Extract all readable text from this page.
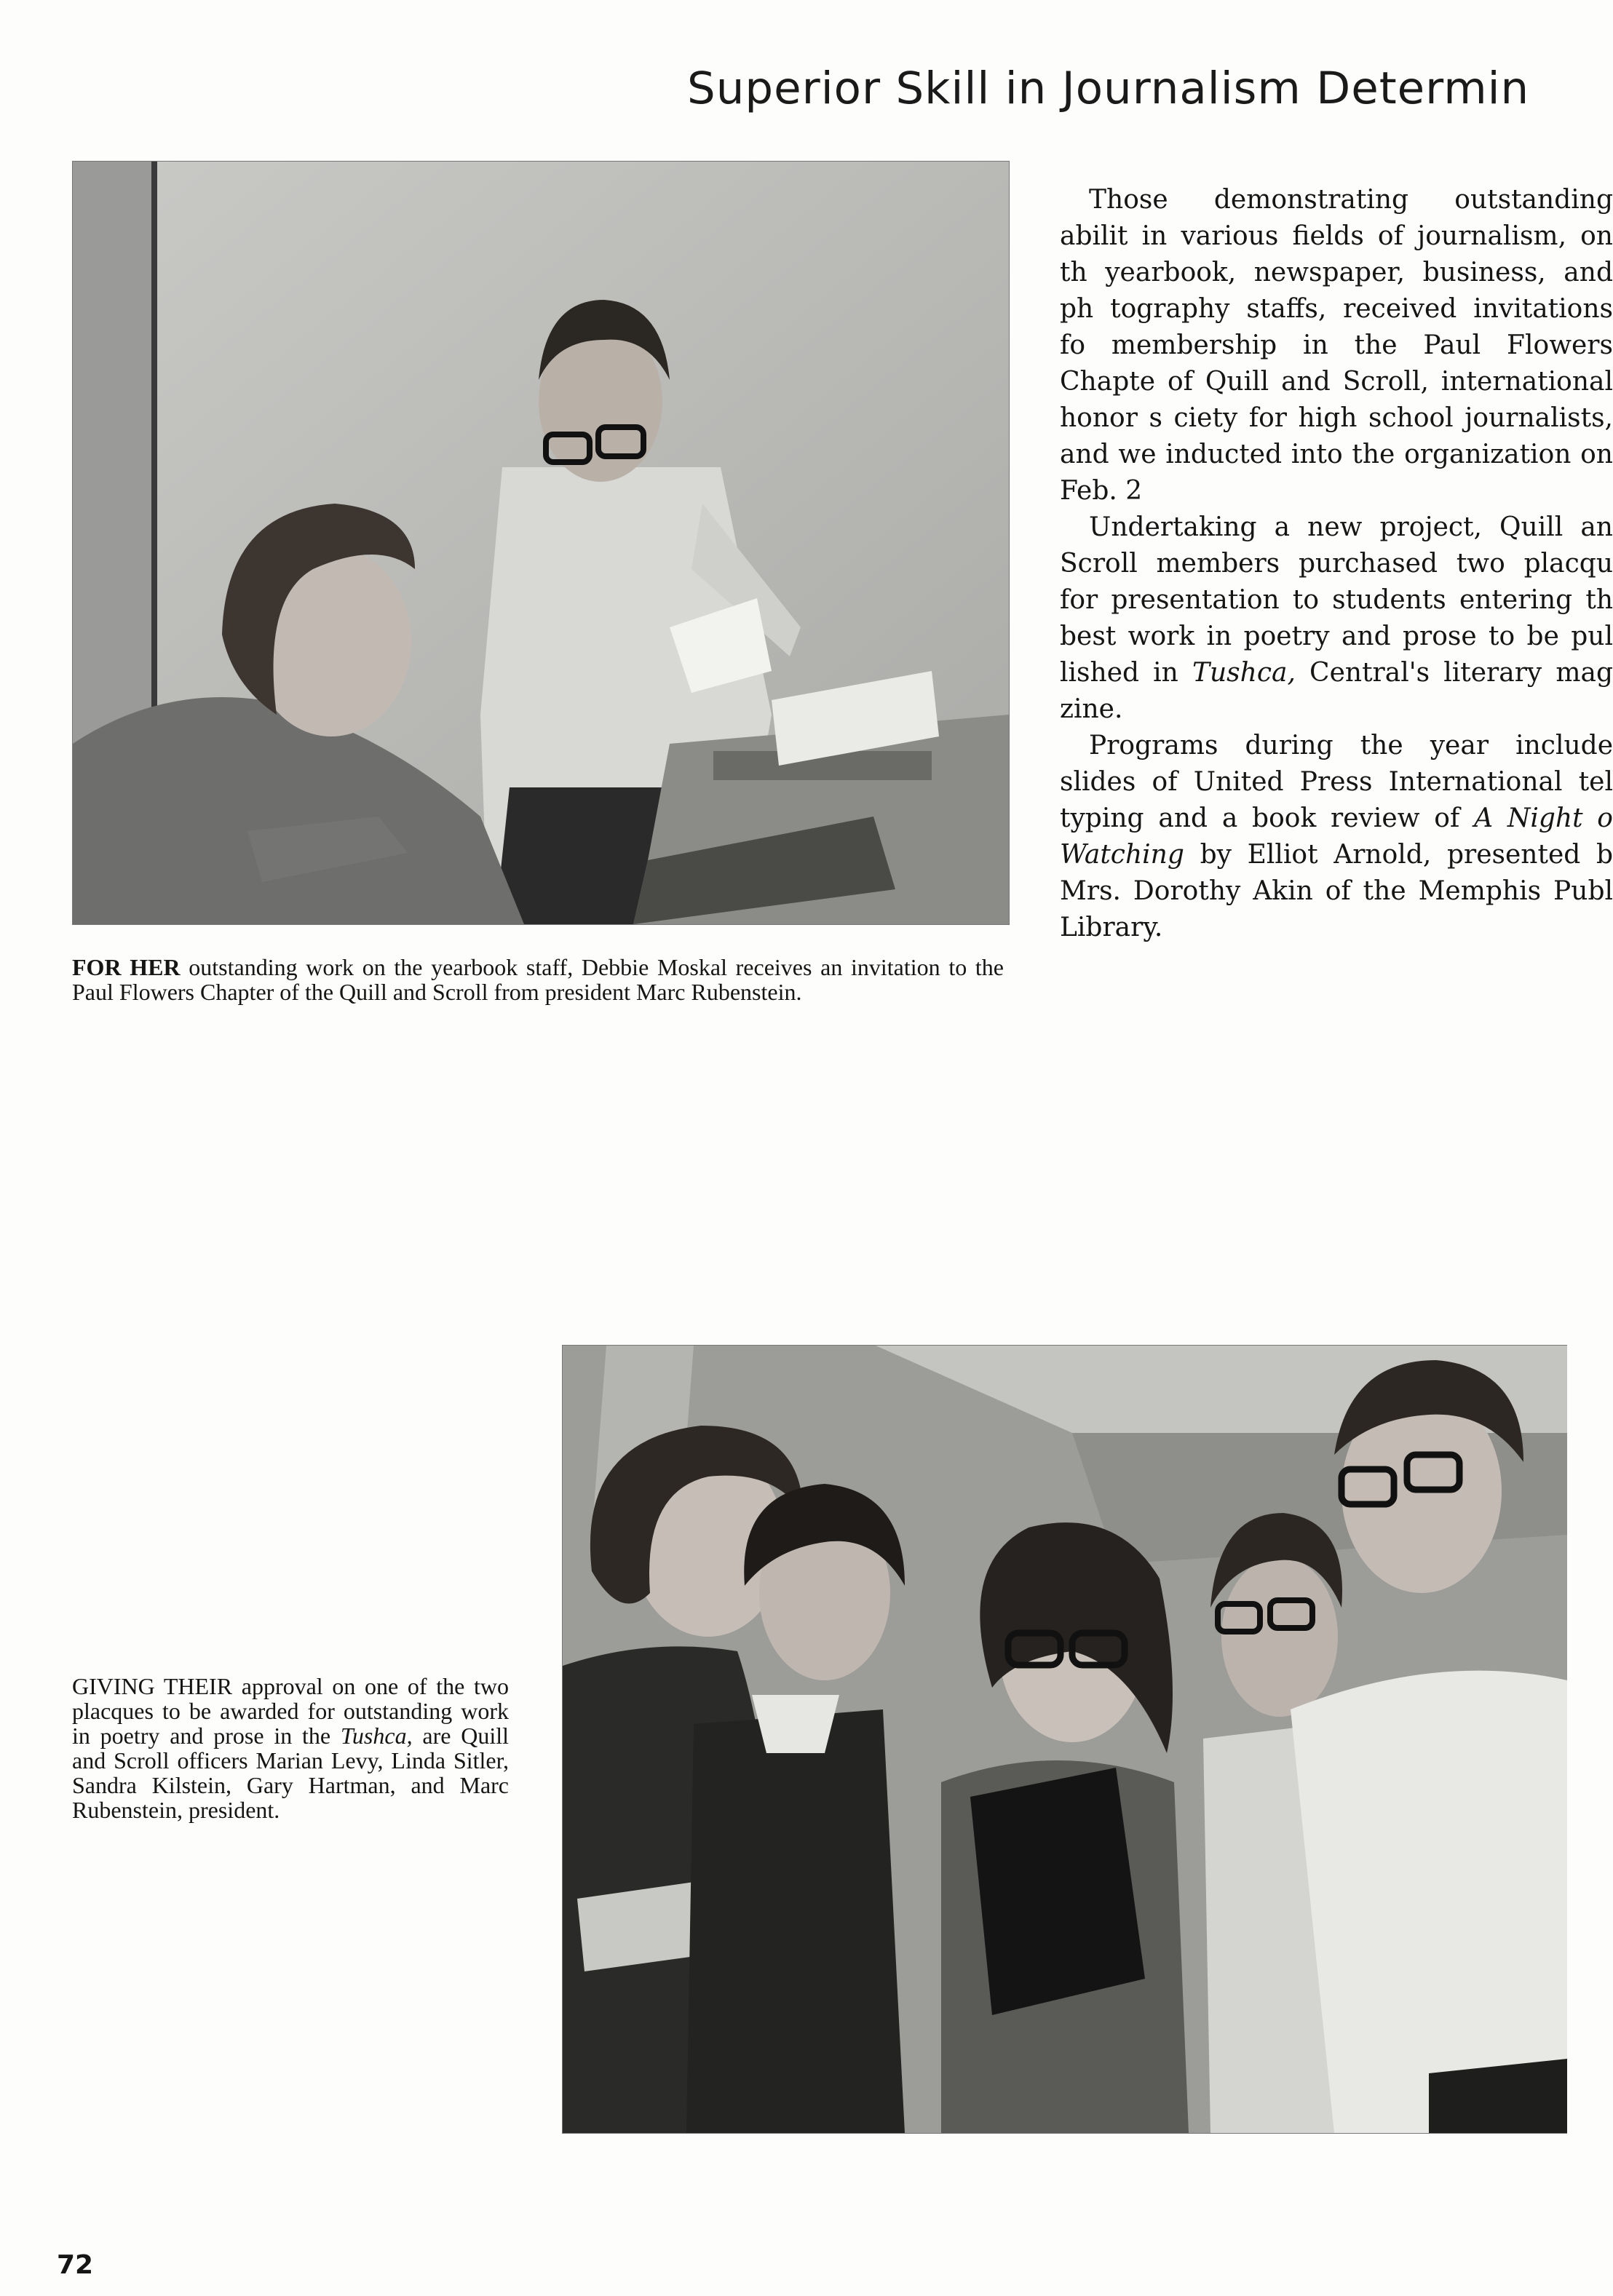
Superior Skill in Journalism Determin

Those demonstrating outstanding abilit in various fields of journalism, on th yearbook, newspaper, business, and ph tography staffs, received invitations fo membership in the Paul Flowers Chapte of Quill and Scroll, international honor s ciety for high school journalists, and we inducted into the organization on Feb. 2

Undertaking a new project, Quill an Scroll members purchased two placqu for presentation to students entering th best work in poetry and prose to be pul lished in Tushca, Central's literary mag zine.

Programs during the year include slides of United Press International tel typing and a book review of A Night o Watching by Elliot Arnold, presented b Mrs. Dorothy Akin of the Memphis Publ Library.

FOR HER outstanding work on the yearbook staff, Debbie Moskal receives an invitation to the Paul Flowers Chapter of the Quill and Scroll from president Marc Rubenstein.
GIVING THEIR approval on one of the two placques to be awarded for outstanding work in poetry and prose in the Tushca, are Quill and Scroll officers Marian Levy, Linda Sitler, Sandra Kilstein, Gary Hartman, and Marc Rubenstein, president.
72
